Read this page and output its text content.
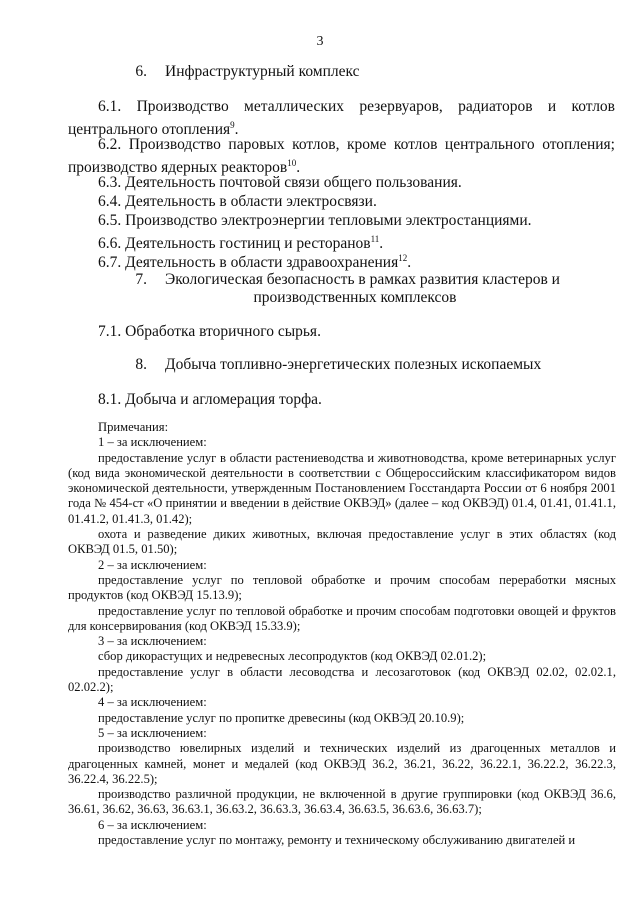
3
6. Инфраструктурный комплекс
6.1. Производство металлических резервуаров, радиаторов и котлов центрального отопления$^9$.
6.2. Производство паровых котлов, кроме котлов центрального отопления; производство ядерных реакторов$^{10}$.
6.3. Деятельность почтовой связи общего пользования.
6.4. Деятельность в области электросвязи.
6.5. Производство электроэнергии тепловыми электростанциями.
6.6. Деятельность гостиниц и ресторанов$^{11}$.
6.7. Деятельность в области здравоохранения$^{12}$.
7. Экологическая безопасность в рамках развития кластеров и
производственных комплексов
7.1. Обработка вторичного сырья.
8. Добыча топливно-энергетических полезных ископаемых
8.1. Добыча и агломерация торфа.

Примечания:

1 – за исключением:

предоставление услуг в области растениеводства и животноводства, кроме ветеринарных услуг (код вида экономической деятельности в соответствии с Общероссийским классификатором видов экономической деятельности, утвержденным Постановлением Госстандарта России от 6 ноября 2001 года № 454-ст «О принятии и введении в действие ОКВЭД» (далее – код ОКВЭД) 01.4, 01.41, 01.41.1, 01.41.2, 01.41.3, 01.42);

охота и разведение диких животных, включая предоставление услуг в этих областях (код ОКВЭД 01.5, 01.50);

2 – за исключением:

предоставление услуг по тепловой обработке и прочим способам переработки мясных продуктов (код ОКВЭД 15.13.9);

предоставление услуг по тепловой обработке и прочим способам подготовки овощей и фруктов для консервирования (код ОКВЭД 15.33.9);

3 – за исключением:

сбор дикорастущих и недревесных лесопродуктов (код ОКВЭД 02.01.2);

предоставление услуг в области лесоводства и лесозаготовок (код ОКВЭД 02.02, 02.02.1, 02.02.2);

4 – за исключением:

предоставление услуг по пропитке древесины (код ОКВЭД 20.10.9);

5 – за исключением:

производство ювелирных изделий и технических изделий из драгоценных металлов и драгоценных камней, монет и медалей (код ОКВЭД 36.2, 36.21, 36.22, 36.22.1, 36.22.2, 36.22.3, 36.22.4, 36.22.5);

производство различной продукции, не включенной в другие группировки (код ОКВЭД 36.6, 36.61, 36.62, 36.63, 36.63.1, 36.63.2, 36.63.3, 36.63.4, 36.63.5, 36.63.6, 36.63.7);

6 – за исключением:

предоставление услуг по монтажу, ремонту и техническому обслуживанию двигателей и
